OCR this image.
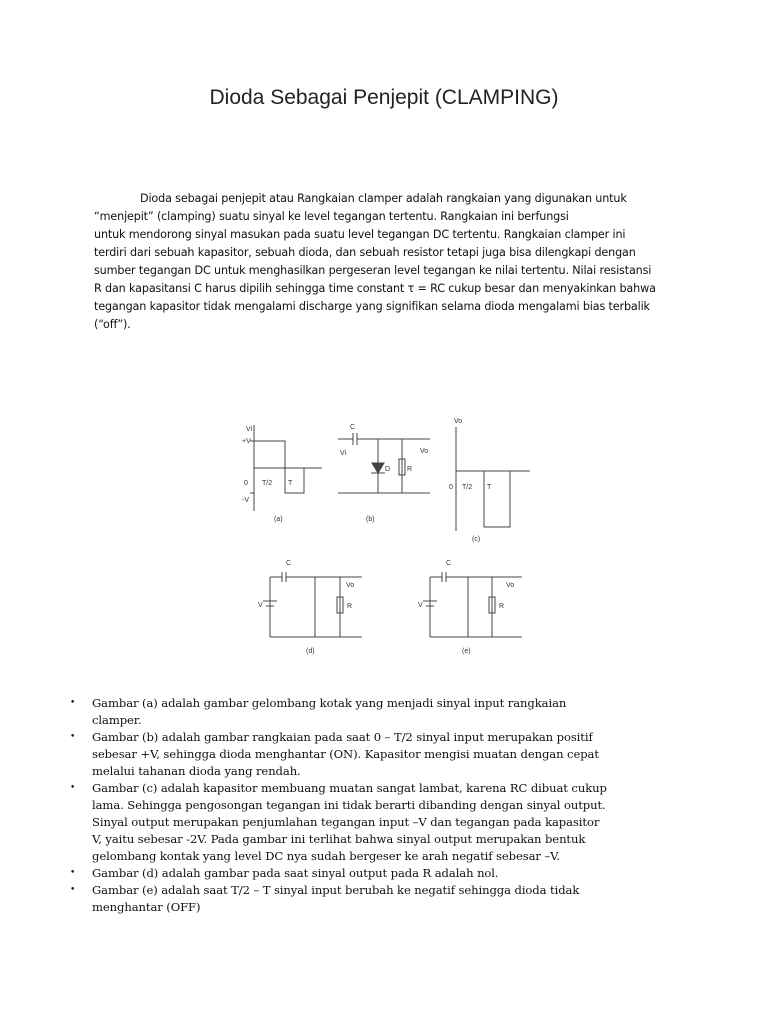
Dioda Sebagai Penjepit (CLAMPING)

Dioda sebagai penjepit atau Rangkaian clamper adalah rangkaian yang digunakan untuk
“menjepit” (clamping) suatu sinyal ke level tegangan tertentu. Rangkaian ini berfungsi
untuk mendorong sinyal masukan pada suatu level tegangan DC tertentu. Rangkaian clamper ini
terdiri dari sebuah kapasitor, sebuah dioda, dan sebuah resistor tetapi juga bisa dilengkapi dengan
sumber tegangan DC untuk menghasilkan pergeseran level tegangan ke nilai tertentu. Nilai resistansi
R dan kapasitansi C harus dipilih sehingga time constant τ = RC cukup besar dan menyakinkan bahwa
tegangan kapasitor tidak mengalami discharge yang signifikan selama dioda mengalami bias terbalik
(“off”).

Vi
+V
0 T/2 T
-V
(a)
C
Vi	Vo
D R
(b)
Vo
0 T/2 T
(c)
C
Vo
V	R
(d)
C
Vo
V	R
(e)
• Gambar (a) adalah gambar gelombang kotak yang menjadi sinyal input rangkaian
clamper.
• Gambar (b) adalah gambar rangkaian pada saat 0 – T/2 sinyal input merupakan positif
sebesar +V, sehingga dioda menghantar (ON). Kapasitor mengisi muatan dengan cepat
melalui tahanan dioda yang rendah.
• Gambar (c) adalah kapasitor membuang muatan sangat lambat, karena RC dibuat cukup
lama. Sehingga pengosongan tegangan ini tidak berarti dibanding dengan sinyal output.
Sinyal output merupakan penjumlahan tegangan input –V dan tegangan pada kapasitor
V, yaitu sebesar -2V. Pada gambar ini terlihat bahwa sinyal output merupakan bentuk
gelombang kontak yang level DC nya sudah bergeser ke arah negatif sebesar –V.
• Gambar (d) adalah gambar pada saat sinyal output pada R adalah nol.
• Gambar (e) adalah saat T/2 – T sinyal input berubah ke negatif sehingga dioda tidak
menghantar (OFF)
